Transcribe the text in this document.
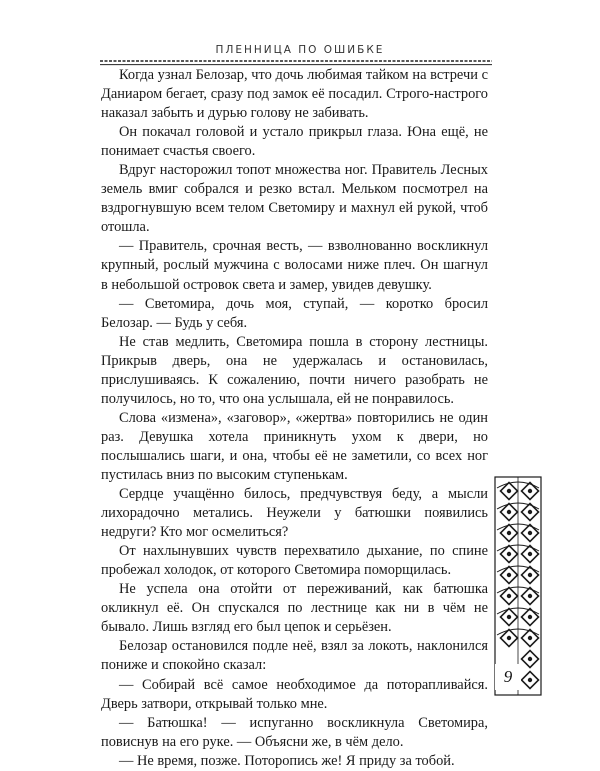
ПЛЕННИЦА ПО ОШИБКЕ

Когда узнал Белозар, что дочь любимая тайком на встречи с Даниаром бегает, сразу под замок её посадил. Строго-настрого наказал забыть и дурью голову не забивать.

Он покачал головой и устало прикрыл глаза. Юна ещё, не понимает счастья своего.

Вдруг насторожил топот множества ног. Правитель Лесных земель вмиг собрался и резко встал. Мельком посмотрел на вздрогнувшую всем телом Светомиру и махнул ей рукой, чтоб отошла.

— Правитель, срочная весть, — взволнованно воскликнул крупный, рослый мужчина с волосами ниже плеч. Он шагнул в небольшой островок света и замер, увидев девушку.

— Светомира, дочь моя, ступай, — коротко бросил Белозар. — Будь у себя.

Не став медлить, Светомира пошла в сторону лестницы. Прикрыв дверь, она не удержалась и остановилась, прислушиваясь. К сожалению, почти ничего разобрать не получилось, но то, что она услышала, ей не понравилось.

Слова «измена», «заговор», «жертва» повторились не один раз. Девушка хотела приникнуть ухом к двери, но послышались шаги, и она, чтобы её не заметили, со всех ног пустилась вниз по высоким ступенькам.

Сердце учащённо билось, предчувствуя беду, а мысли лихорадочно метались. Неужели у батюшки появились недруги? Кто мог осмелиться?

От нахлынувших чувств перехватило дыхание, по спине пробежал холодок, от которого Светомира поморщилась.

Не успела она отойти от переживаний, как батюшка окликнул её. Он спускался по лестнице как ни в чём не бывало. Лишь взгляд его был цепок и серьёзен.

Белозар остановился подле неё, взял за локоть, наклонился пониже и спокойно сказал:

— Собирай всё самое необходимое да поторапливайся. Дверь затвори, открывай только мне.

— Батюшка! — испуганно воскликнула Светомира, повиснув на его руке. — Объясни же, в чём дело.

— Не время, позже. Поторопись же! Я приду за тобой.

9
